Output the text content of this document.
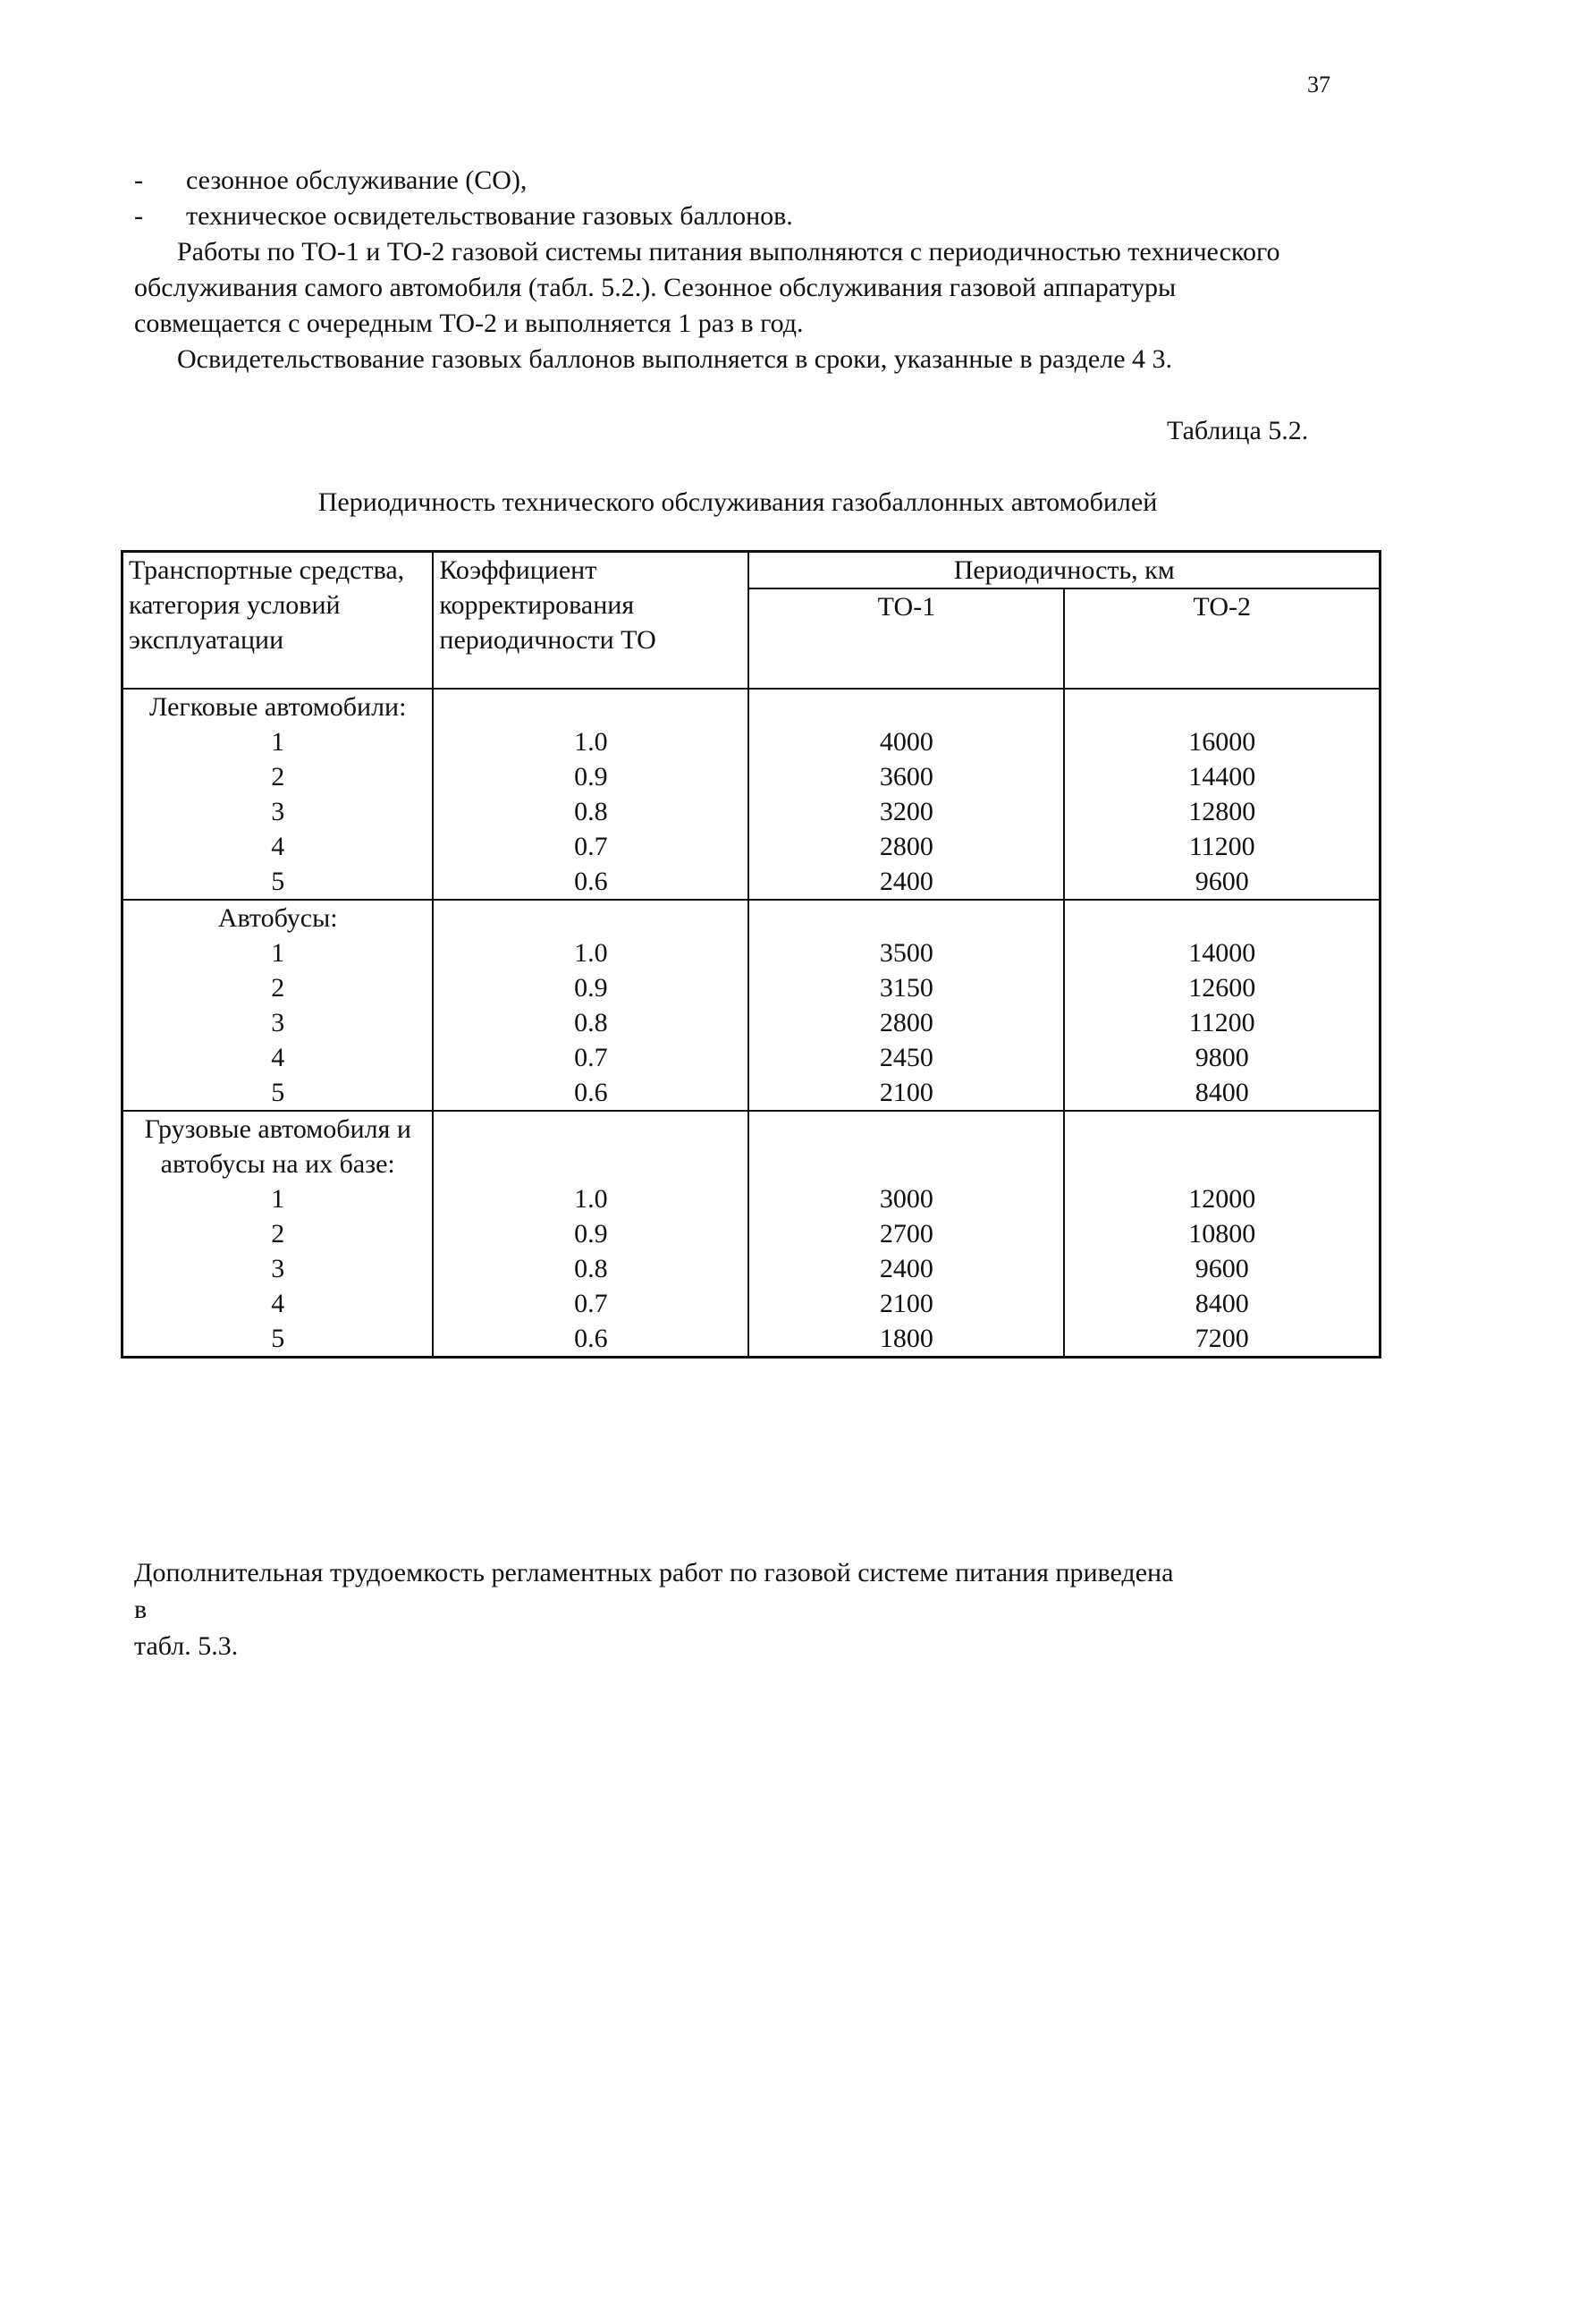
37
- сезонное обслуживание (СО),
- техническое освидетельствование газовых баллонов.
Работы по ТО-1 и ТО-2 газовой системы питания выполняются с периодичностью технического обслуживания самого автомобиля (табл. 5.2.). Сезонное обслуживания газовой аппаратуры совмещается с очередным ТО-2 и выполняется 1 раз в год.
Освидетельствование газовых баллонов выполняется в сроки, указанные в разделе 4 3.
Таблица 5.2.
Периодичность технического обслуживания газобаллонных автомобилей
Транспортные средства, категория условий эксплуатации	Коэффициент корректирования периодичности ТО	Периодичность, км	
		ТО-1	ТО-2
Легковые автомобили:			
1	1.0	4000	16000
2	0.9	3600	14400
3	0.8	3200	12800
4	0.7	2800	11200
5	0.6	2400	9600
Автобусы:			
1	1.0	3500	14000
2	0.9	3150	12600
3	0.8	2800	11200
4	0.7	2450	9800
5	0.6	2100	8400
Грузовые автомобиля и автобусы на их базе:			
1	1.0	3000	12000
2	0.9	2700	10800
3	0.8	2400	9600
4	0.7	2100	8400
5	0.6	1800	7200
Дополнительная трудоемкость регламентных работ по газовой системе питания приведена
в
табл. 5.3.
